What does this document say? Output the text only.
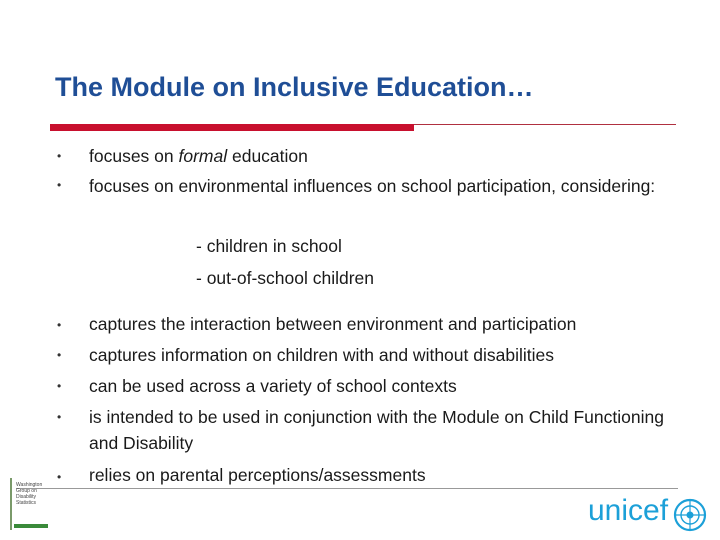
The Module on Inclusive Education…
• focuses on formal education
• focuses on environmental influences on school participation, considering:
- children in school
- out-of-school children
• captures the interaction between environment and participation
• captures information on children with and without disabilities
• can be used across a variety of school contexts
• is intended to be used in conjunction with the Module on Child Functioning and Disability
• relies on parental perceptions/assessments
Washington Group on Disability Statistics	unicef
